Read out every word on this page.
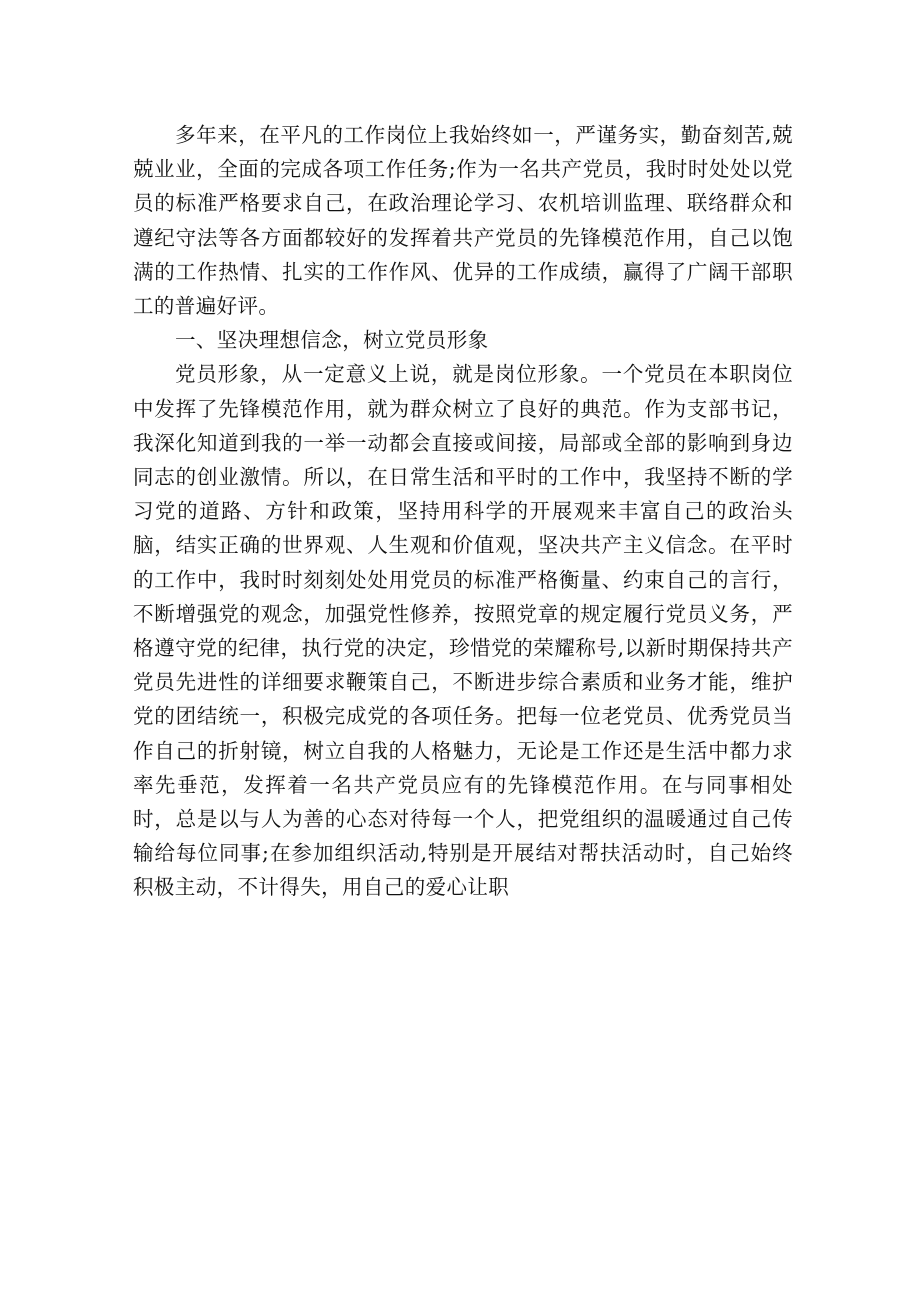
多年来，在平凡的工作岗位上我始终如一，严谨务实，勤奋刻苦,兢兢业业，全面的完成各项工作任务;作为一名共产党员，我时时处处以党员的标准严格要求自己，在政治理论学习、农机培训监理、联络群众和遵纪守法等各方面都较好的发挥着共产党员的先锋模范作用，自己以饱满的工作热情、扎实的工作作风、优异的工作成绩，赢得了广阔干部职工的普遍好评。

一、坚决理想信念，树立党员形象

党员形象，从一定意义上说，就是岗位形象。一个党员在本职岗位中发挥了先锋模范作用，就为群众树立了良好的典范。作为支部书记，我深化知道到我的一举一动都会直接或间接，局部或全部的影响到身边同志的创业激情。所以，在日常生活和平时的工作中，我坚持不断的学习党的道路、方针和政策，坚持用科学的开展观来丰富自己的政治头脑，结实正确的世界观、人生观和价值观，坚决共产主义信念。在平时的工作中，我时时刻刻处处用党员的标准严格衡量、约束自己的言行，不断增强党的观念，加强党性修养，按照党章的规定履行党员义务，严格遵守党的纪律，执行党的决定，珍惜党的荣耀称号,以新时期保持共产党员先进性的详细要求鞭策自己，不断进步综合素质和业务才能，维护党的团结统一，积极完成党的各项任务。把每一位老党员、优秀党员当作自己的折射镜，树立自我的人格魅力，无论是工作还是生活中都力求率先垂范，发挥着一名共产党员应有的先锋模范作用。在与同事相处时，总是以与人为善的心态对待每一个人，把党组织的温暖通过自己传输给每位同事;在参加组织活动,特别是开展结对帮扶活动时，自己始终积极主动，不计得失，用自己的爱心让职
